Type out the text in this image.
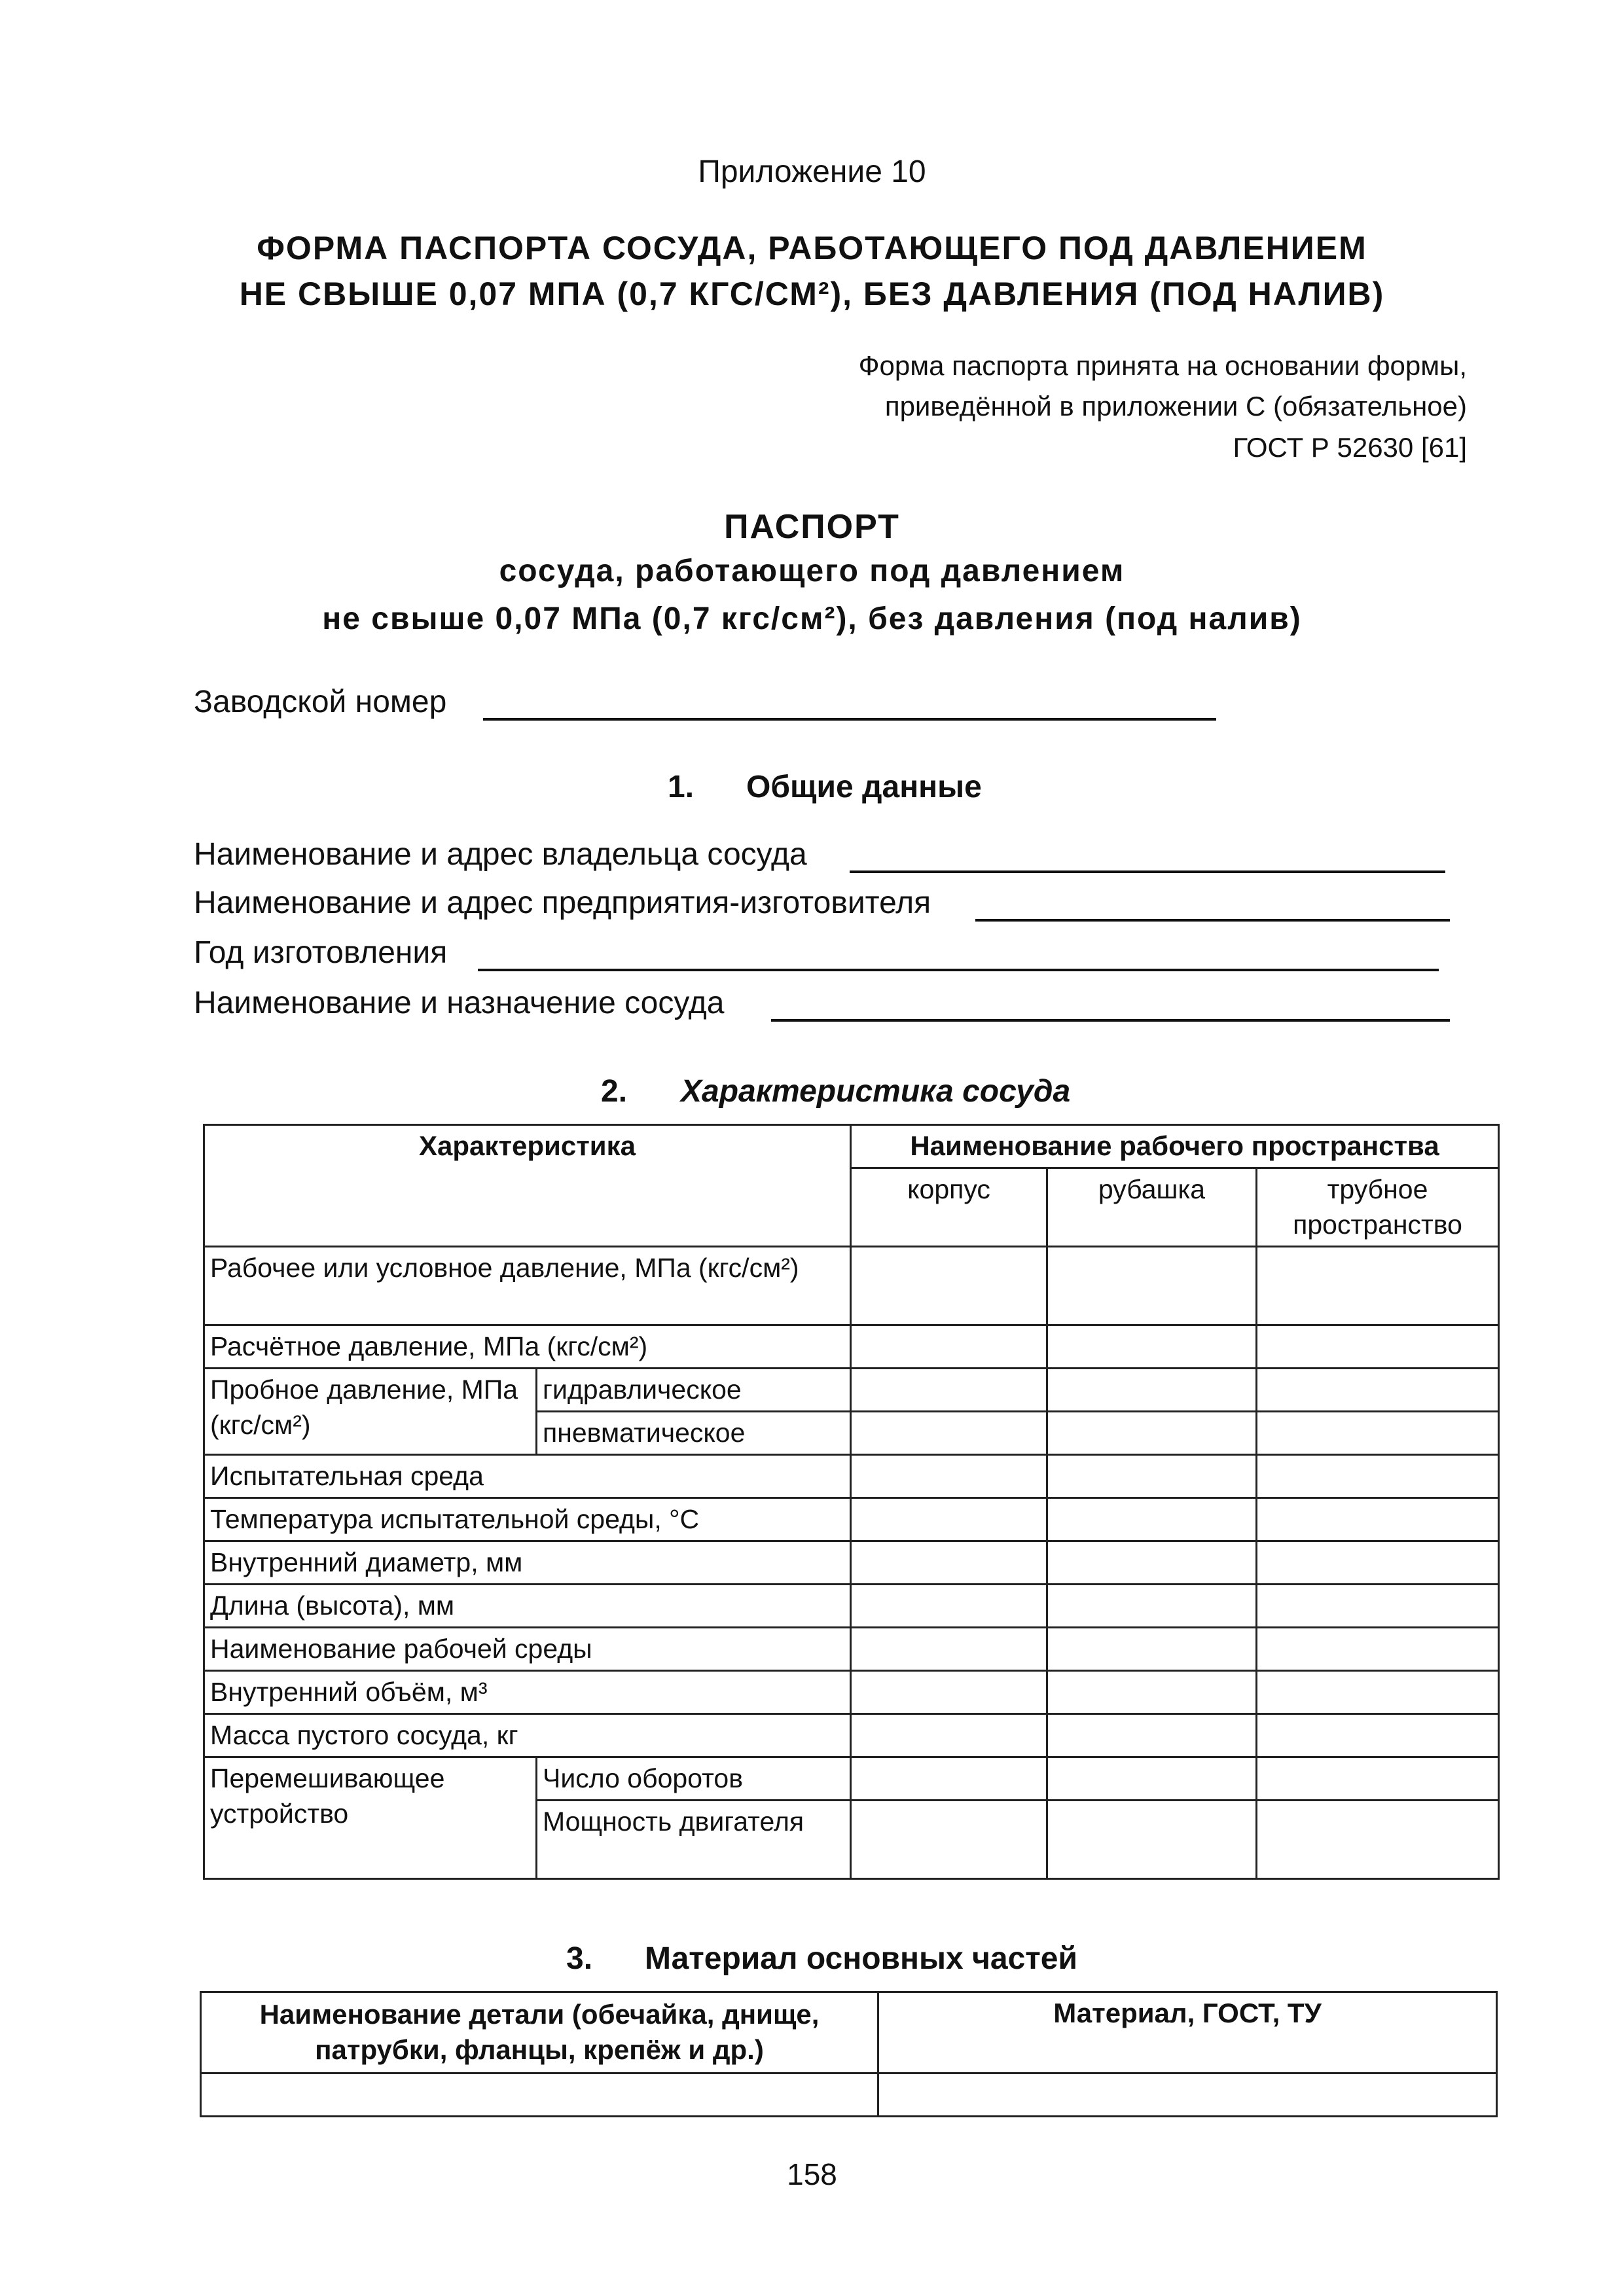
Приложение 10
ФОРМА ПАСПОРТА СОСУДА, РАБОТАЮЩЕГО ПОД ДАВЛЕНИЕМ
НЕ СВЫШЕ 0,07 МПА (0,7 КГС/СМ²), БЕЗ ДАВЛЕНИЯ (ПОД НАЛИВ)
Форма паспорта принята на основании формы,
приведённой в приложении С (обязательное)
ГОСТ Р 52630 [61]
ПАСПОРТ
сосуда, работающего под давлением
не свыше 0,07 МПа (0,7 кгс/см²), без давления (под налив)
Заводской номер
1. Общие данные
Наименование и адрес владельца сосуда
Наименование и адрес предприятия-изготовителя
Год изготовления
Наименование и назначение сосуда
2. Характеристика сосуда
Характеристика		Наименование рабочего пространства		
		корпус	рубашка	трубное пространство
Рабочее или условное давление, МПа (кгс/см²)				
Расчётное давление, МПа (кгс/см²)				
Пробное давление, МПа (кгс/см²)	гидравлическое			
	пневматическое			
Испытательная среда				
Температура испытательной среды, °С				
Внутренний диаметр, мм				
Длина (высота), мм				
Наименование рабочей среды				
Внутренний объём, м³				
Масса пустого сосуда, кг				
Перемешивающее устройство	Число оборотов			
	Мощность двигателя			
3. Материал основных частей
Наименование детали (обечайка, днище, патрубки, фланцы, крепёж и др.)	Материал, ГОСТ, ТУ

158
